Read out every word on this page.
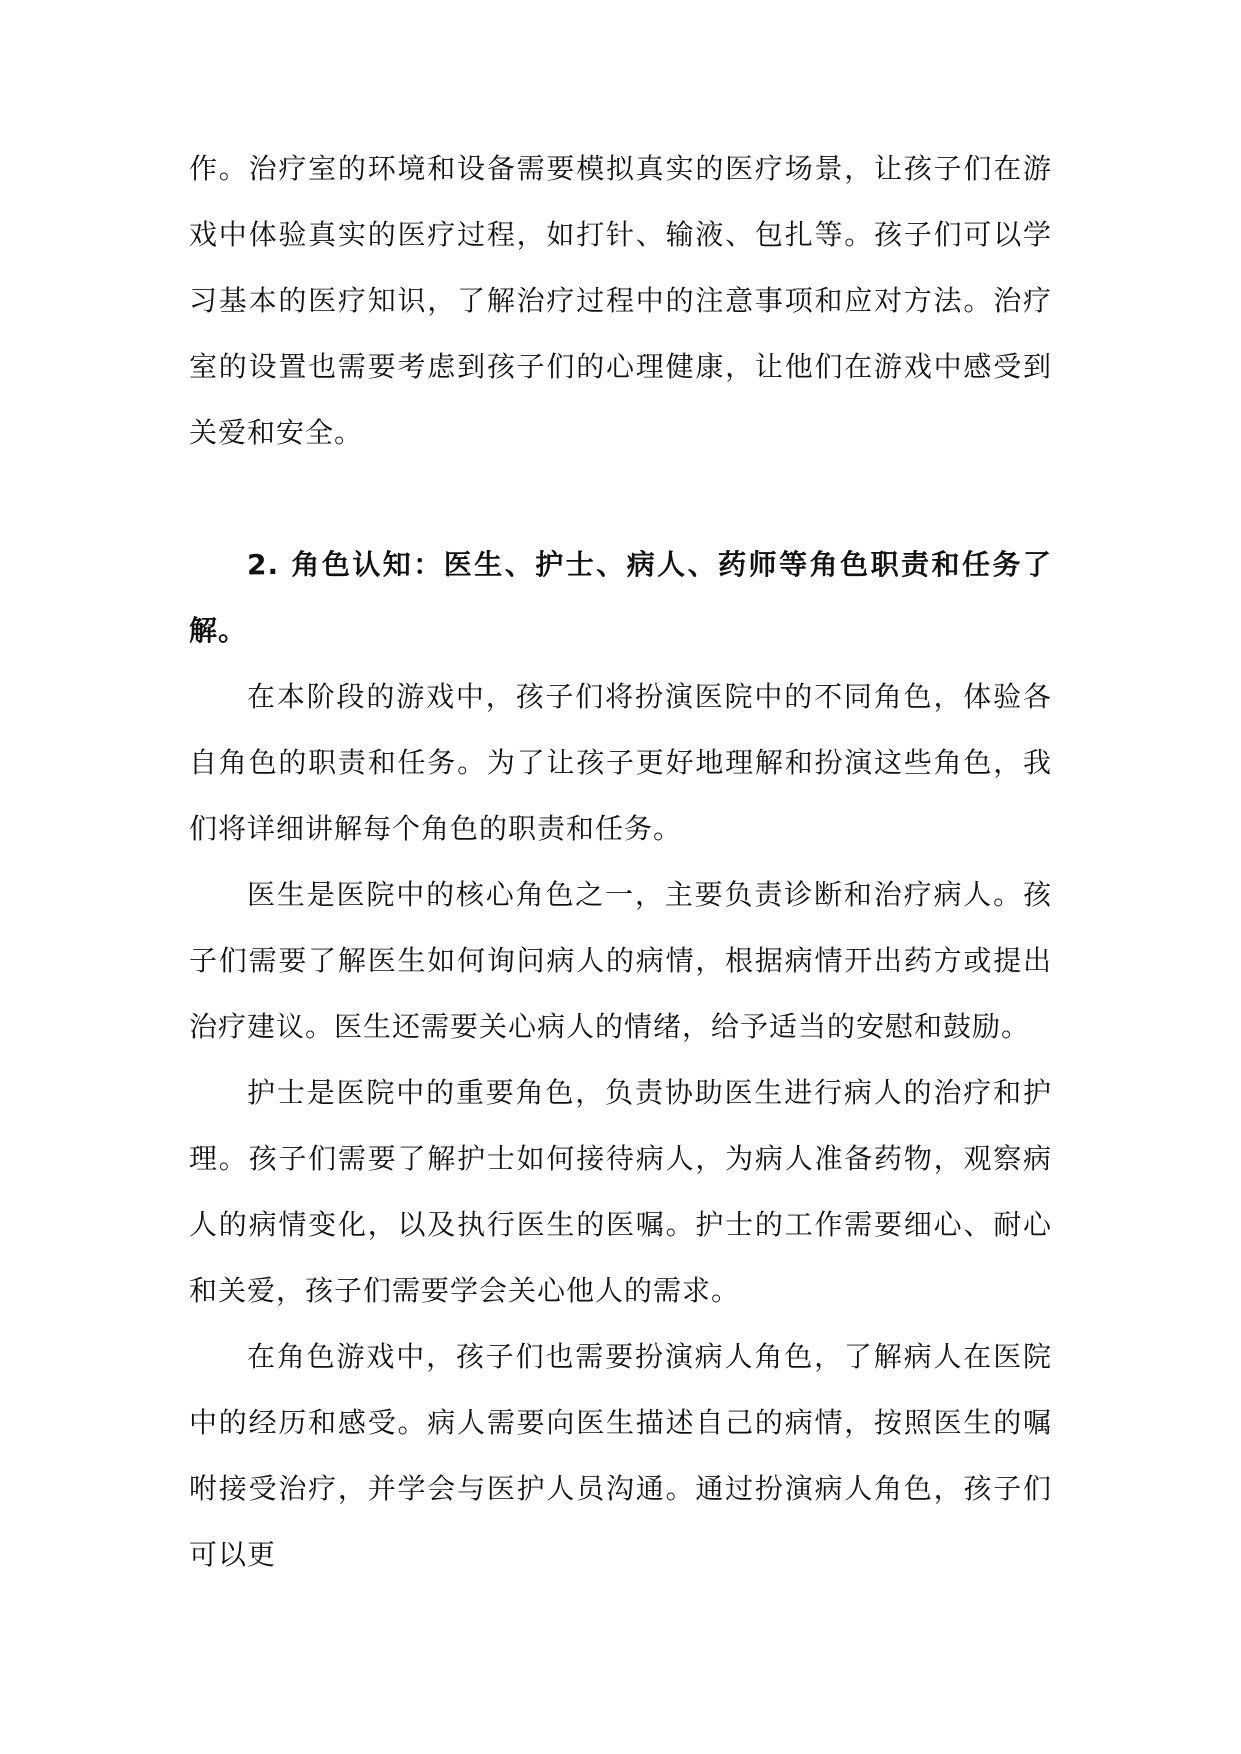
作。治疗室的环境和设备需要模拟真实的医疗场景，让孩子们在游戏中体验真实的医疗过程，如打针、输液、包扎等。孩子们可以学习基本的医疗知识，了解治疗过程中的注意事项和应对方法。治疗室的设置也需要考虑到孩子们的心理健康，让他们在游戏中感受到关爱和安全。

2. 角色认知：医生、护士、病人、药师等角色职责和任务了解。

在本阶段的游戏中，孩子们将扮演医院中的不同角色，体验各自角色的职责和任务。为了让孩子更好地理解和扮演这些角色，我们将详细讲解每个角色的职责和任务。

医生是医院中的核心角色之一，主要负责诊断和治疗病人。孩子们需要了解医生如何询问病人的病情，根据病情开出药方或提出治疗建议。医生还需要关心病人的情绪，给予适当的安慰和鼓励。

护士是医院中的重要角色，负责协助医生进行病人的治疗和护理。孩子们需要了解护士如何接待病人，为病人准备药物，观察病人的病情变化，以及执行医生的医嘱。护士的工作需要细心、耐心和关爱，孩子们需要学会关心他人的需求。

在角色游戏中，孩子们也需要扮演病人角色，了解病人在医院中的经历和感受。病人需要向医生描述自己的病情，按照医生的嘱咐接受治疗，并学会与医护人员沟通。通过扮演病人角色，孩子们可以更
